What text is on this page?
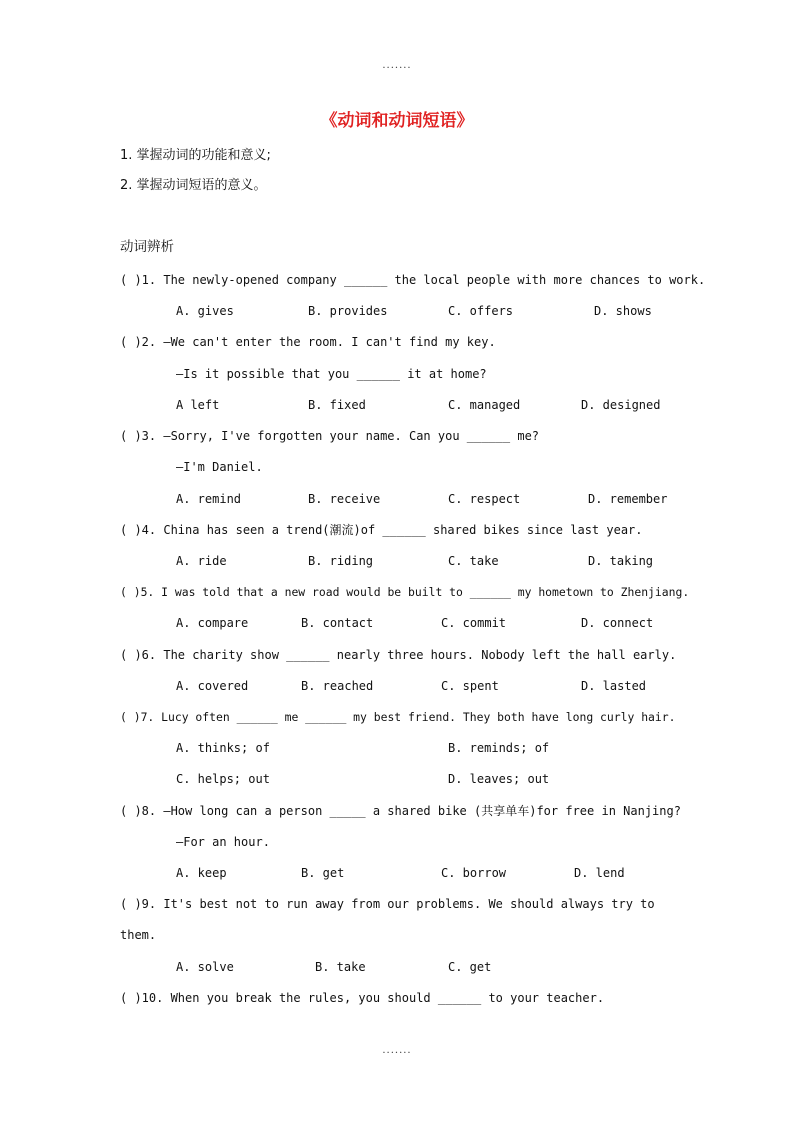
.......
《动词和动词短语》
1. 掌握动词的功能和意义;
2. 掌握动词短语的意义。
动词辨析
( )1. The newly-opened company ______ the local people with more chances to work.
A. gives	B. provides	C. offers	D. shows
( )2. —We can't enter the room. I can't find my key.
—Is it possible that you ______ it at home?
A left	B. fixed	C. managed	D. designed
( )3. —Sorry, I've forgotten your name. Can you ______ me?
—I'm Daniel.
A. remind	B. receive	C. respect	D. remember
( )4. China has seen a trend(潮流)of ______ shared bikes since last year.
A. ride	B. riding	C. take	D. taking
( )5. I was told that a new road would be built to ______ my hometown to Zhenjiang.
A. compare	B. contact	C. commit	D. connect
( )6. The charity show ______ nearly three hours. Nobody left the hall early.
A. covered	B. reached	C. spent	D. lasted
( )7. Lucy often ______ me ______ my best friend. They both have long curly hair.
A. thinks; of	B. reminds; of
C. helps; out	D. leaves; out
( )8. —How long can a person _____ a shared bike (共享单车)for free in Nanjing?
—For an hour.
A. keep	B. get	C. borrow	D. lend
( )9. It's best not to run away from our problems. We should always try to
them.
A. solve	B. take	C. get
( )10. When you break the rules, you should ______ to your teacher.
.......
